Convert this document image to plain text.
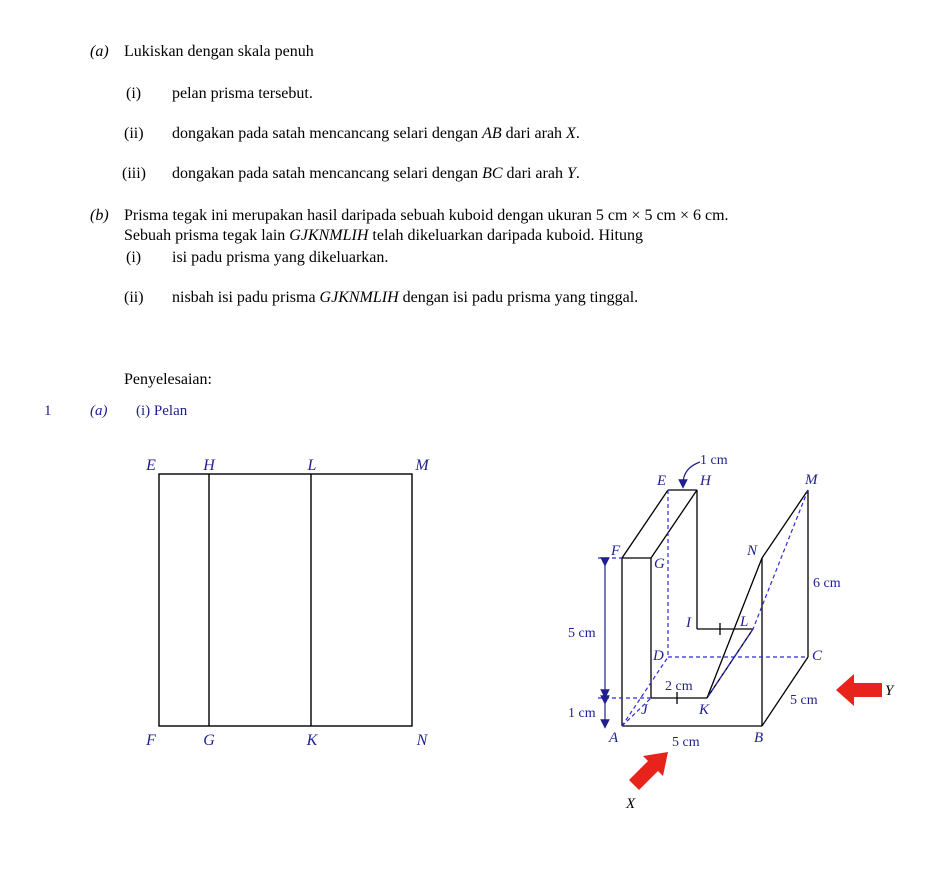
(a) Lukiskan dengan skala penuh
(i) pelan prisma tersebut.
(ii) dongakan pada satah mencancang selari dengan AB dari arah X.
(iii) dongakan pada satah mencancang selari dengan BC dari arah Y.
(b) Prisma tegak ini merupakan hasil daripada sebuah kuboid dengan ukuran 5 cm × 5 cm × 6 cm.
Sebuah prisma tegak lain GJKNMLIH telah dikeluarkan daripada kuboid. Hitung
(i) isi padu prisma yang dikeluarkan.
(ii) nisbah isi padu prisma GJKNMLIH dengan isi padu prisma yang tinggal.
Penyelesaian:
1	(a) (i) Pelan
E	H	L	M
F	G	K	N
E H	M
F
G
N
I	L
D	C
J	K
A	B
1 cm
6 cm
5 cm
1 cm
2 cm
5 cm
5 cm
Y
X
